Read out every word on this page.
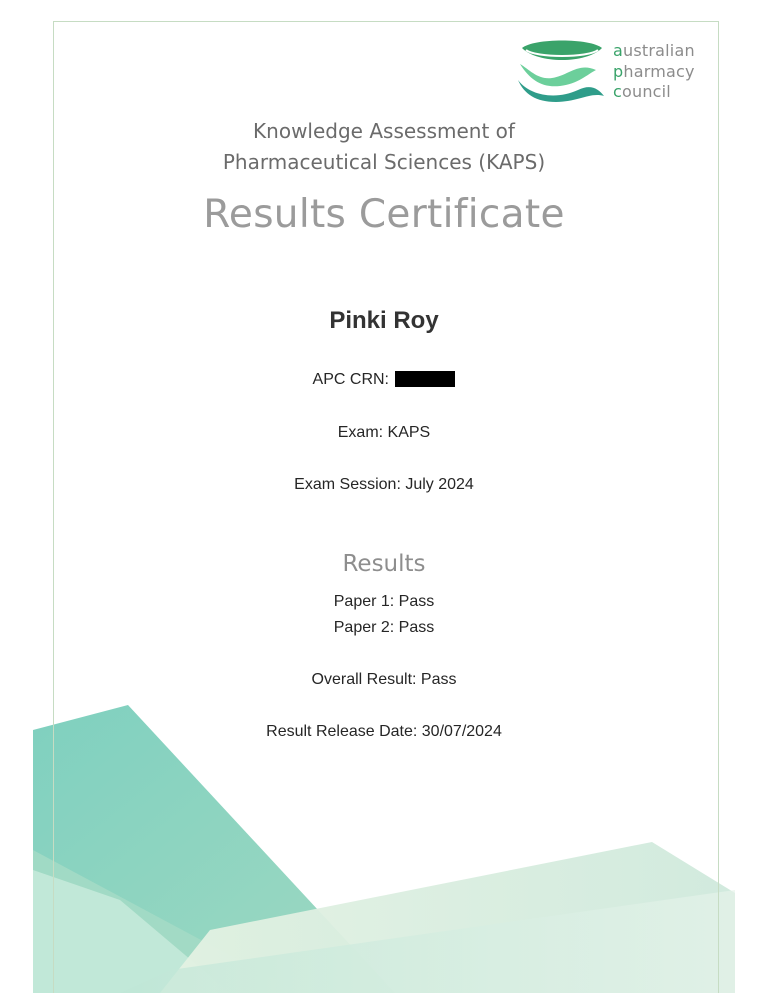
australian
pharmacy
council
Knowledge Assessment of
Pharmaceutical Sciences (KAPS)
Results Certificate
Pinki Roy
APC CRN:
Exam: KAPS
Exam Session: July 2024
Results
Paper 1: Pass
Paper 2: Pass
Overall Result: Pass
Result Release Date: 30/07/2024
